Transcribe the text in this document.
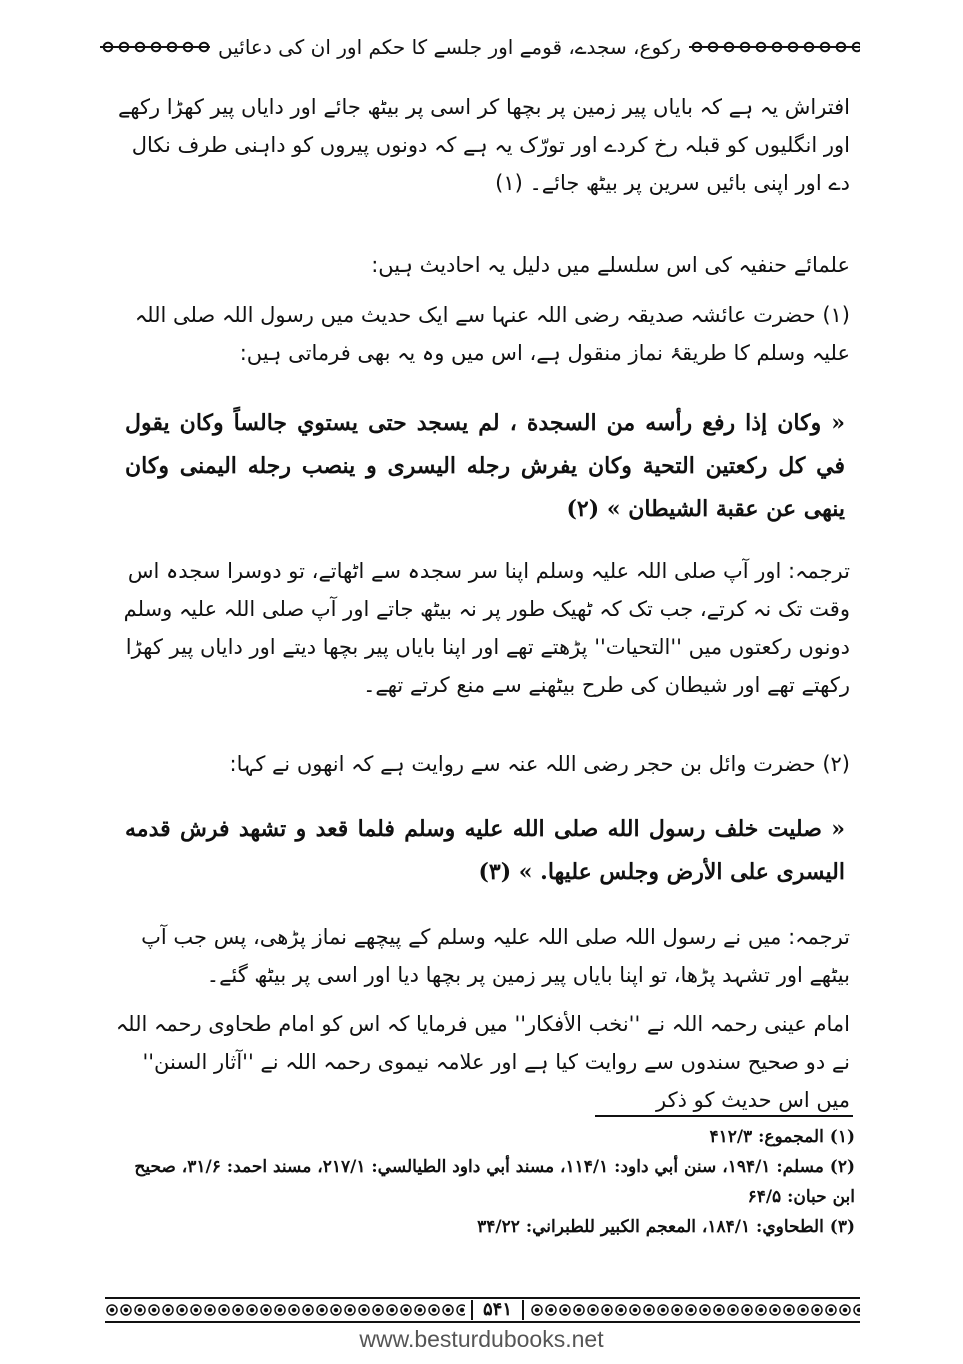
رکوع، سجدے، قومے اور جلسے کا حکم اور ان کی دعائیں

افتراش یہ ہے کہ بایاں پیر زمین پر بچھا کر اسی پر بیٹھ جائے اور دایاں پیر کھڑا رکھے اور انگلیوں کو قبلہ رخ کردے اور تورّک یہ ہے کہ دونوں پیروں کو داہنی طرف نکال دے اور اپنی بائیں سرین پر بیٹھ جائے۔ (۱)

علمائے حنفیہ کی اس سلسلے میں دلیل یہ احادیث ہیں:

(۱) حضرت عائشہ صدیقہ رضی اللہ عنہا سے ایک حدیث میں رسول اللہ صلی اللہ علیہ وسلم کا طریقۂ نماز منقول ہے، اس میں وہ یہ بھی فرماتی ہیں:

« وکان إذا رفع رأسه من السجدة ، لم يسجد حتى يستوي جالساً وكان يقول في كل ركعتين التحية وكان يفرش رجله اليسرى و ينصب رجله اليمنى وكان ينهى عن عقبة الشيطان » (۲)

ترجمہ: اور آپ صلی اللہ علیہ وسلم اپنا سر سجدہ سے اٹھاتے، تو دوسرا سجدہ اس وقت تک نہ کرتے، جب تک کہ ٹھیک طور پر نہ بیٹھ جاتے اور آپ صلی اللہ علیہ وسلم دونوں رکعتوں میں ''التحیات'' پڑھتے تھے اور اپنا بایاں پیر بچھا دیتے اور دایاں پیر کھڑا رکھتے تھے اور شیطان کی طرح بیٹھنے سے منع کرتے تھے۔

(۲) حضرت وائل بن حجر رضی اللہ عنہ سے روایت ہے کہ انھوں نے کہا:

« صليت خلف رسول الله صلى الله عليه وسلم فلما قعد و تشهد فرش قدمه اليسرى على الأرض وجلس عليها. » (۳)

ترجمہ: میں نے رسول اللہ صلی اللہ علیہ وسلم کے پیچھے نماز پڑھی، پس جب آپ بیٹھے اور تشہد پڑھا، تو اپنا بایاں پیر زمین پر بچھا دیا اور اسی پر بیٹھ گئے۔

امام عینی رحمہ اللہ نے ''نخب الأفكار'' میں فرمایا کہ اس کو امام طحاوی رحمہ اللہ نے دو صحیح سندوں سے روایت کیا ہے اور علامہ نیموی رحمہ اللہ نے ''آثار السنن'' میں اس حدیث کو ذکر

(۱) المجموع: ۴۱۲/۳

(۲) مسلم: ۱۹۴/۱، سنن أبي داود: ۱۱۴/۱، مسند أبي داود الطيالسي: ۲۱۷/۱، مسند احمد: ۳۱/۶، صحيح ابن حبان: ۶۴/۵

(۳) الطحاوي: ۱۸۴/۱، المعجم الكبير للطبراني: ۳۴/۲۲

۵۴۱
www.besturdubooks.net
